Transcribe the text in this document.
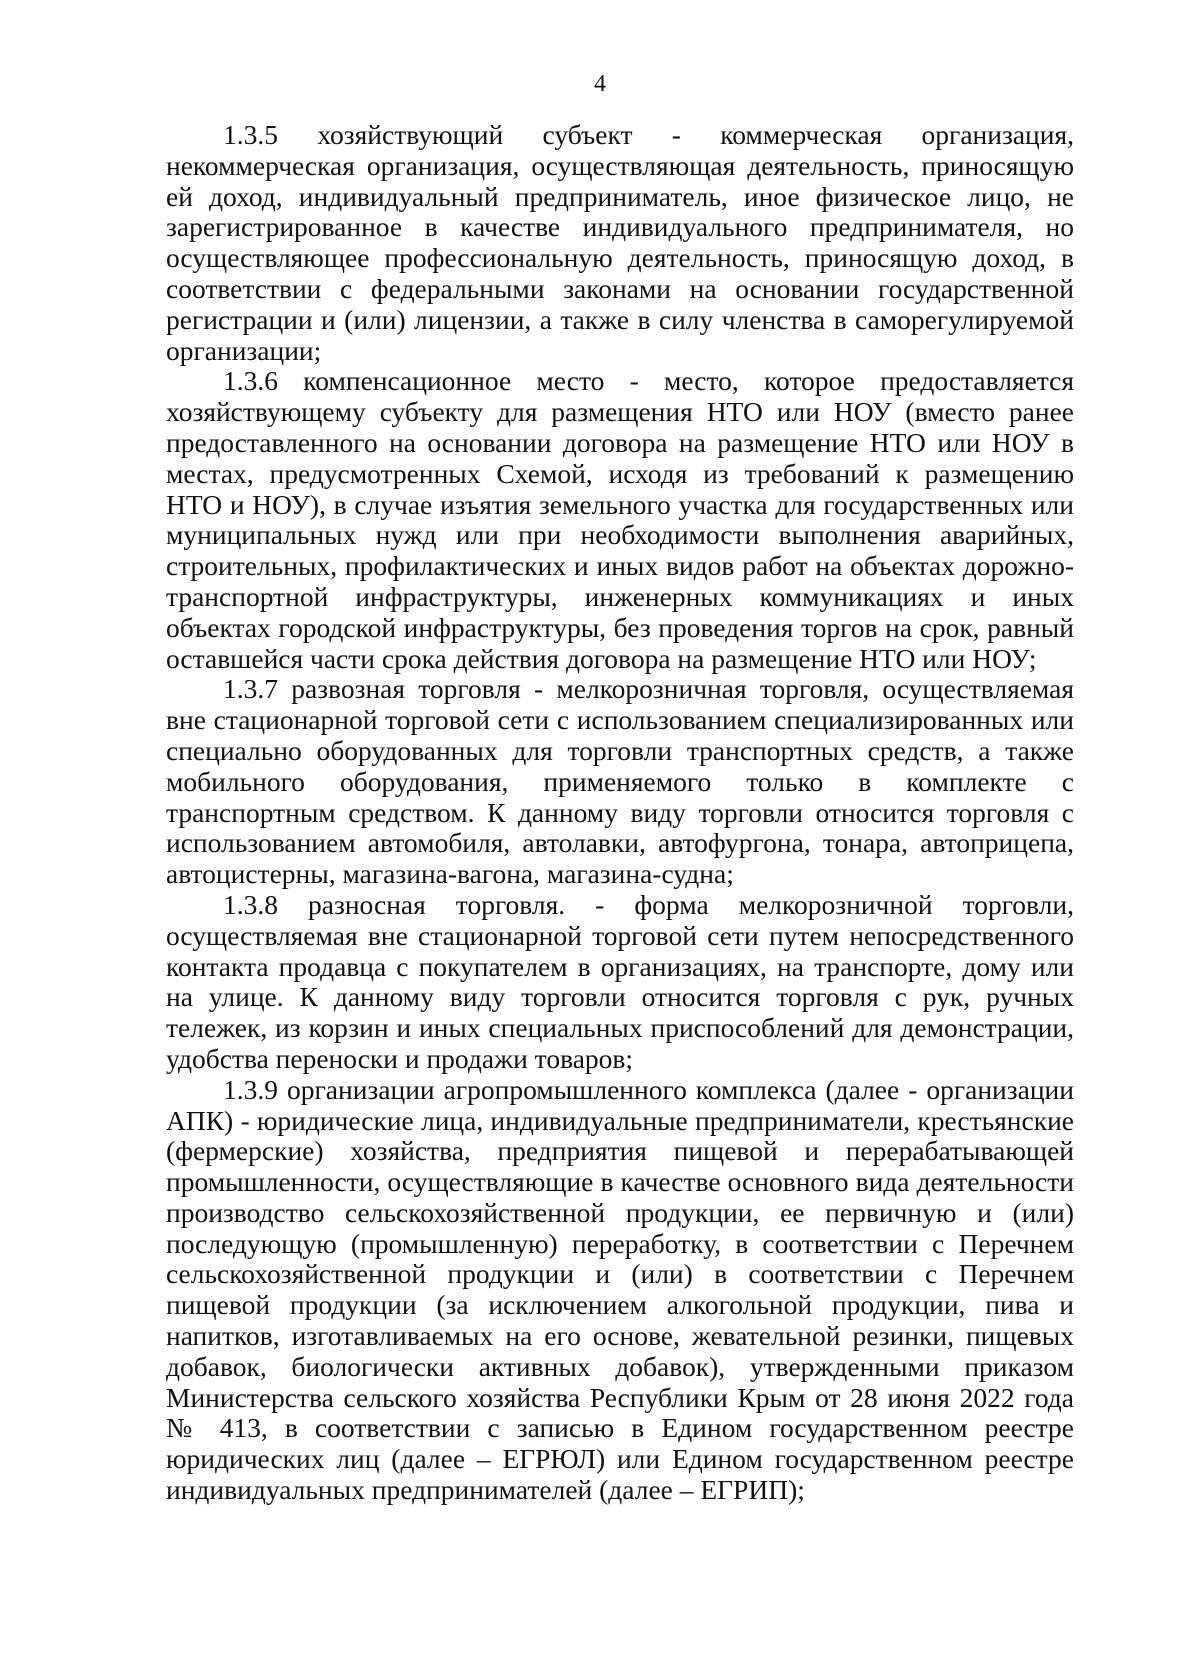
4

1.3.5 хозяйствующий субъект - коммерческая организация, некоммерческая организация, осуществляющая деятельность, приносящую ей доход, индивидуальный предприниматель, иное физическое лицо, не зарегистрированное в качестве индивидуального предпринимателя, но осуществляющее профессиональную деятельность, приносящую доход, в соответствии с федеральными законами на основании государственной регистрации и (или) лицензии, а также в силу членства в саморегулируемой организации;

1.3.6 компенсационное место - место, которое предоставляется хозяйствующему субъекту для размещения НТО или НОУ (вместо ранее предоставленного на основании договора на размещение НТО или НОУ в местах, предусмотренных Схемой, исходя из требований к размещению НТО и НОУ), в случае изъятия земельного участка для государственных или муниципальных нужд или при необходимости выполнения аварийных, строительных, профилактических и иных видов работ на объектах дорожно-транспортной инфраструктуры, инженерных коммуникациях и иных объектах городской инфраструктуры, без проведения торгов на срок, равный оставшейся части срока действия договора на размещение НТО или НОУ;

1.3.7 развозная торговля - мелкорозничная торговля, осуществляемая вне стационарной торговой сети с использованием специализированных или специально оборудованных для торговли транспортных средств, а также мобильного оборудования, применяемого только в комплекте с транспортным средством. К данному виду торговли относится торговля с использованием автомобиля, автолавки, автофургона, тонара, автоприцепа, автоцистерны, магазина-вагона, магазина-судна;

1.3.8 разносная торговля. - форма мелкорозничной торговли, осуществляемая вне стационарной торговой сети путем непосредственного контакта продавца с покупателем в организациях, на транспорте, дому или на улице. К данному виду торговли относится торговля с рук, ручных тележек, из корзин и иных специальных приспособлений для демонстрации, удобства переноски и продажи товаров;

1.3.9 организации агропромышленного комплекса (далее - организации АПК) - юридические лица, индивидуальные предприниматели, крестьянские (фермерские) хозяйства, предприятия пищевой и перерабатывающей промышленности, осуществляющие в качестве основного вида деятельности производство сельскохозяйственной продукции, ее первичную и (или) последующую (промышленную) переработку, в соответствии с Перечнем сельскохозяйственной продукции и (или) в соответствии с Перечнем пищевой продукции (за исключением алкогольной продукции, пива и напитков, изготавливаемых на его основе, жевательной резинки, пищевых добавок, биологически активных добавок), утвержденными приказом Министерства сельского хозяйства Республики Крым от 28 июня 2022 года № 413, в соответствии с записью в Едином государственном реестре юридических лиц (далее – ЕГРЮЛ) или Едином государственном реестре индивидуальных предпринимателей (далее – ЕГРИП);
